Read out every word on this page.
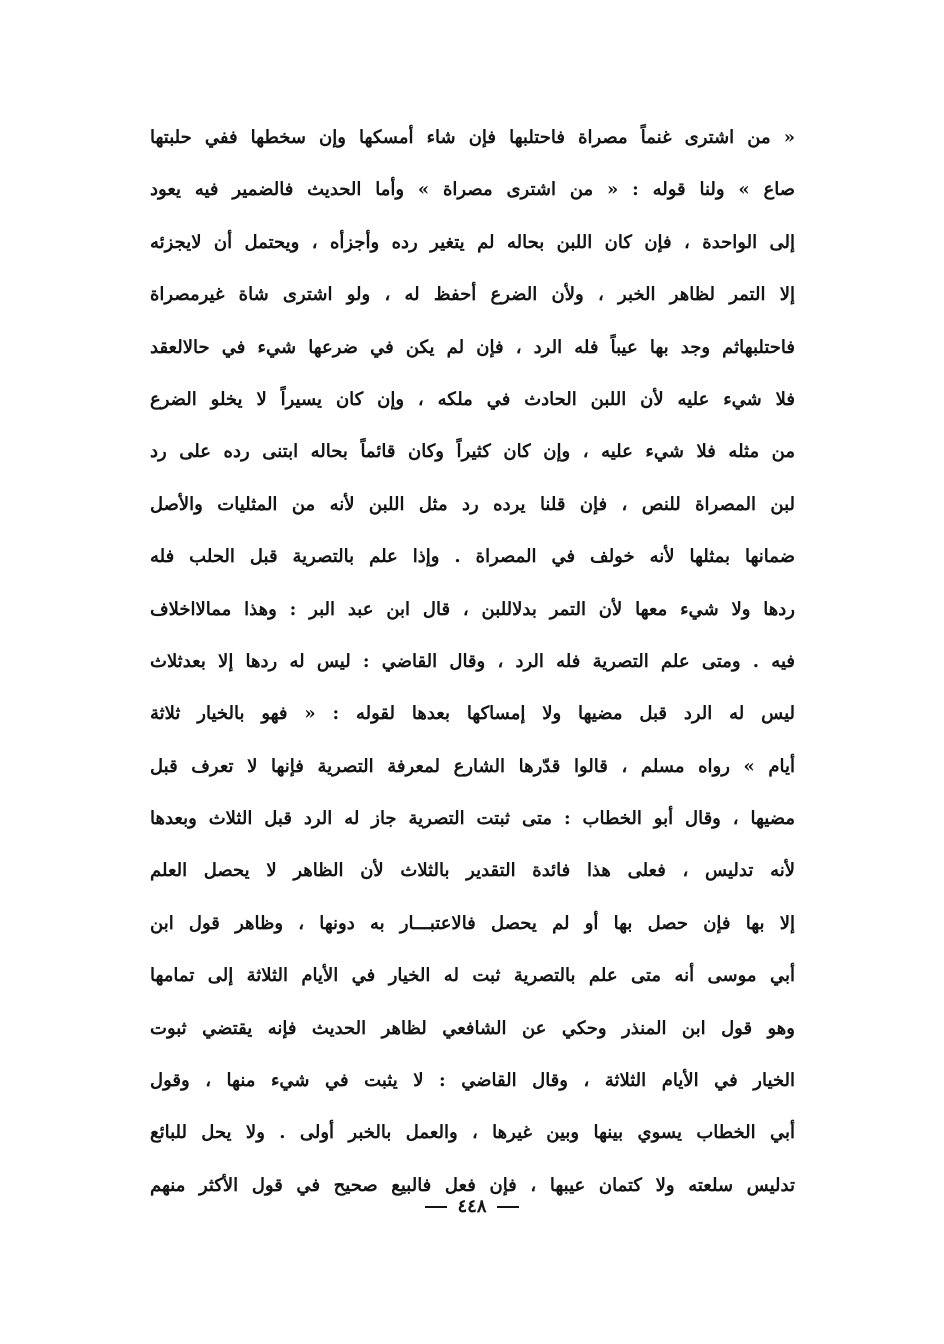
« من اشترى غنماً مصراة فاحتلبها فإن شاء أمسكها وإن سخطها ففي حلبتها
صاع » ولنا قوله : « من اشترى مصراة » وأما الحديث فالضمير فيه يعود
إلى الواحدة ، فإن كان اللبن بحاله لم يتغير رده وأجزأه ، ويحتمل أن لايجزئه
إلا التمر لظاهر الخبر ، ولأن الضرع أحفظ له ، ولو اشترى شاة غيرمصراة
فاحتلبهاثم وجد بها عيباً فله الرد ، فإن لم يكن في ضرعها شيء في حالالعقد
فلا شيء عليه لأن اللبن الحادث في ملكه ، وإن كان يسيراً لا يخلو الضرع
من مثله فلا شيء عليه ، وإن كان كثيراً وكان قائماً بحاله ابتنى رده على رد
لبن المصراة للنص ، فإن قلنا يرده رد مثل اللبن لأنه من المثليات والأصل
ضمانها بمثلها لأنه خولف في المصراة . وإذا علم بالتصرية قبل الحلب فله
ردها ولا شيء معها لأن التمر بدلاللبن ، قال ابن عبد البر : وهذا ممالااخلاف
فيه . ومتى علم التصرية فله الرد ، وقال القاضي : ليس له ردها إلا بعدثلاث
ليس له الرد قبل مضيها ولا إمساكها بعدها لقوله : « فهو بالخيار ثلاثة
أيام » رواه مسلم ، قالوا قدّرها الشارع لمعرفة التصرية فإنها لا تعرف قبل
مضيها ، وقال أبو الخطاب : متى ثبتت التصرية جاز له الرد قبل الثلاث وبعدها
لأنه تدليس ، فعلى هذا فائدة التقدير بالثلاث لأن الظاهر لا يحصل العلم
إلا بها فإن حصل بها أو لم يحصل فالاعتبـــار به دونها ، وظاهر قول ابن
أبي موسى أنه متى علم بالتصرية ثبت له الخيار في الأيام الثلاثة إلى تمامها
وهو قول ابن المنذر وحكي عن الشافعي لظاهر الحديث فإنه يقتضي ثبوت
الخيار في الأيام الثلاثة ، وقال القاضي : لا يثبت في شيء منها ، وقول
أبي الخطاب يسوي بينها وبين غيرها ، والعمل بالخبر أولى . ولا يحل للبائع
تدليس سلعته ولا كتمان عيبها ، فإن فعل فالبيع صحيح في قول الأكثر منهم
٤٤٨
